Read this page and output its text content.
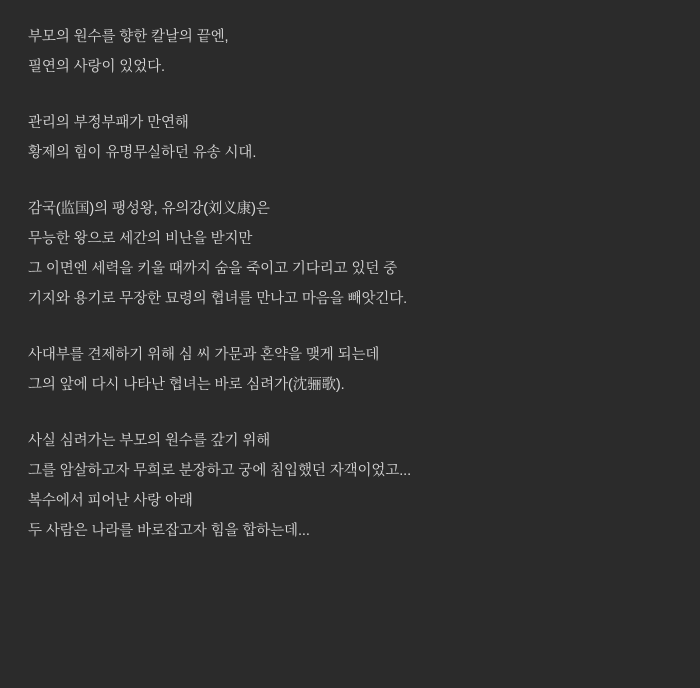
부모의 원수를 향한 칼날의 끝엔,
필연의 사랑이 있었다.
관리의 부정부패가 만연해
황제의 힘이 유명무실하던 유송 시대.
감국(监国)의 팽성왕, 유의강(刘义康)은
무능한 왕으로 세간의 비난을 받지만
그 이면엔 세력을 키울 때까지 숨을 죽이고 기다리고 있던 중
기지와 용기로 무장한 묘령의 협녀를 만나고 마음을 빼앗긴다.
사대부를 견제하기 위해 심 씨 가문과 혼약을 맺게 되는데
그의 앞에 다시 나타난 협녀는 바로 심려가(沈骊歌).
사실 심려가는 부모의 원수를 갚기 위해
그를 암살하고자 무희로 분장하고 궁에 침입했던 자객이었고...
복수에서 피어난 사랑 아래
두 사람은 나라를 바로잡고자 힘을 합하는데...
